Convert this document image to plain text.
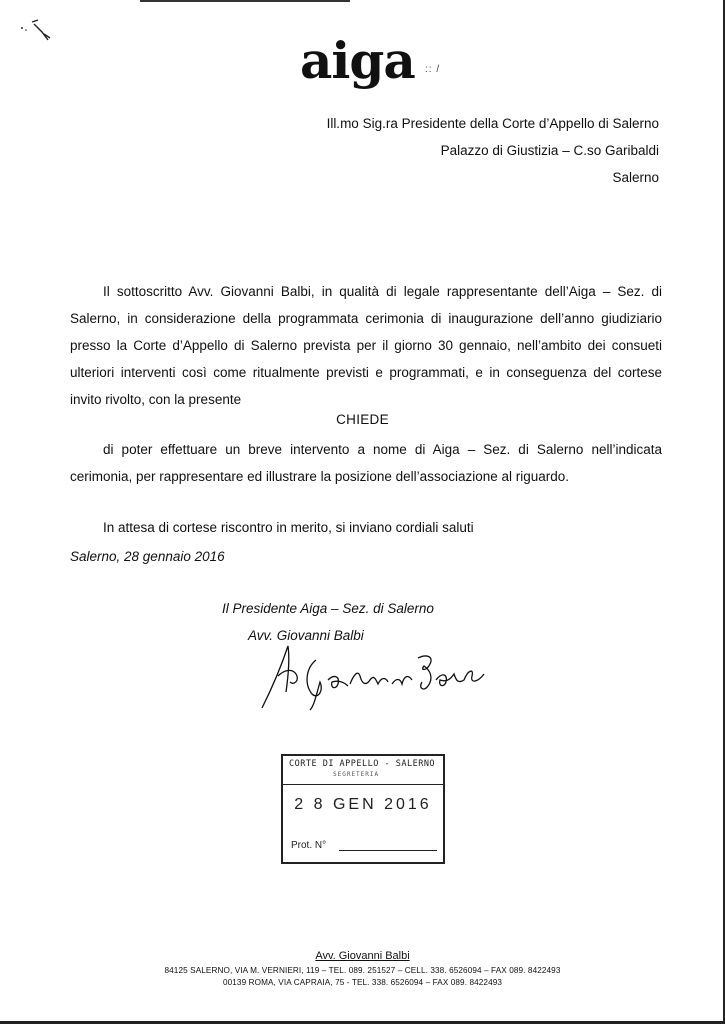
aiga :: /
Ill.mo Sig.ra Presidente della Corte d’Appello di Salerno
Palazzo di Giustizia – C.so Garibaldi
Salerno
Il sottoscritto Avv. Giovanni Balbi, in qualità di legale rappresentante dell’Aiga – Sez. di Salerno, in considerazione della programmata cerimonia di inaugurazione dell’anno giudiziario presso la Corte d’Appello di Salerno prevista per il giorno 30 gennaio, nell’ambito dei consueti ulteriori interventi così come ritualmente previsti e programmati, e in conseguenza del cortese invito rivolto, con la presente
CHIEDE
di poter effettuare un breve intervento a nome di Aiga – Sez. di Salerno nell’indicata cerimonia, per rappresentare ed illustrare la posizione dell’associazione al riguardo.
In attesa di cortese riscontro in merito, si inviano cordiali saluti
Salerno, 28 gennaio 2016
Il Presidente Aiga – Sez. di Salerno
Avv. Giovanni Balbi
CORTE DI APPELLO - SALERNO
SEGRETERIA
2 8 GEN 2016
Prot. N°
Avv. Giovanni Balbi
84125 SALERNO, VIA M. VERNIERI, 119 – TEL. 089. 251527 – CELL. 338. 6526094 – FAX 089. 8422493
00139 ROMA, VIA CAPRAIA, 75 - TEL. 338. 6526094 – FAX 089. 8422493
